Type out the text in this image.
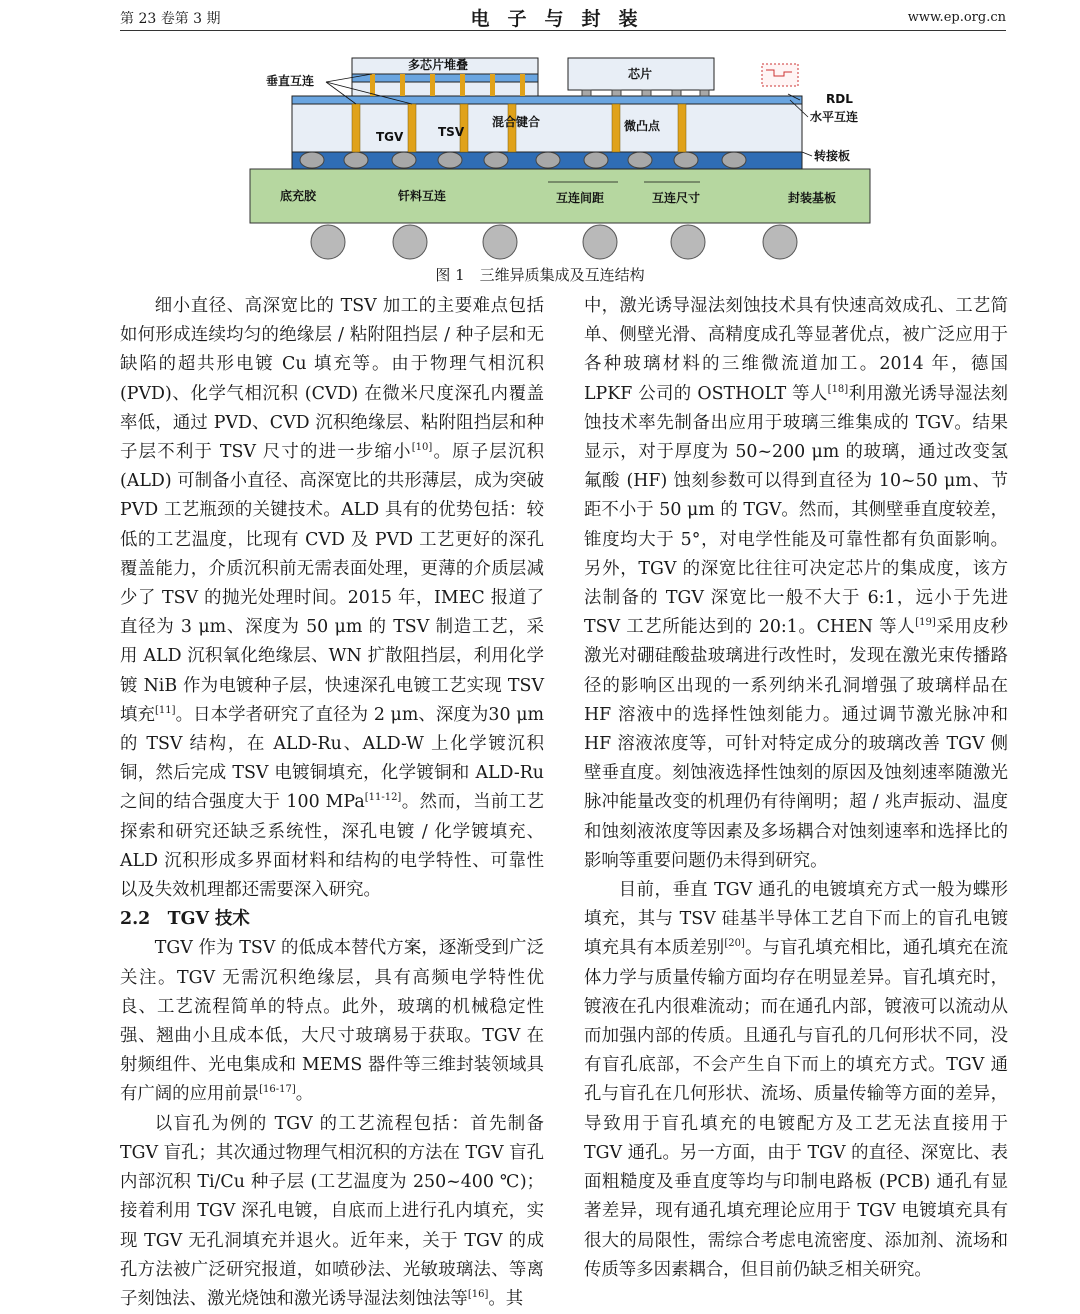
第 23 卷第 3 期	电子与封装	www.ep.org.cn
垂直互连
多芯片堆叠
芯片
RDL
水平互连
TGV	TSV
混合键合	微凸点
转接板
底充胶	钎料互连	互连间距	互连尺寸	封装基板
图 1　三维异质集成及互连结构

细小直径、高深宽比的 TSV 加工的主要难点包括如何形成连续均匀的绝缘层 / 粘附阻挡层 / 种子层和无缺陷的超共形电镀 Cu 填充等。由于物理气相沉积 (PVD)、化学气相沉积 (CVD) 在微米尺度深孔内覆盖率低，通过 PVD、CVD 沉积绝缘层、粘附阻挡层和种子层不利于 TSV 尺寸的进一步缩小[10]。原子层沉积 (ALD) 可制备小直径、高深宽比的共形薄层，成为突破 PVD 工艺瓶颈的关键技术。ALD 具有的优势包括：较低的工艺温度，比现有 CVD 及 PVD 工艺更好的深孔覆盖能力，介质沉积前无需表面处理，更薄的介质层减少了 TSV 的抛光处理时间。2015 年，IMEC 报道了直径为 3 μm、深度为 50 μm 的 TSV 制造工艺，采用 ALD 沉积氧化绝缘层、WN 扩散阻挡层，利用化学镀 NiB 作为电镀种子层，快速深孔电镀工艺实现 TSV 填充[11]。日本学者研究了直径为 2 μm、深度为30 μm 的 TSV 结构，在 ALD-Ru、ALD-W 上化学镀沉积铜，然后完成 TSV 电镀铜填充，化学镀铜和 ALD-Ru 之间的结合强度大于 100 MPa[11-12]。然而，当前工艺探索和研究还缺乏系统性，深孔电镀 / 化学镀填充、ALD 沉积形成多界面材料和结构的电学特性、可靠性以及失效机理都还需要深入研究。

2.2　TGV 技术

TGV 作为 TSV 的低成本替代方案，逐渐受到广泛关注。TGV 无需沉积绝缘层，具有高频电学特性优良、工艺流程简单的特点。此外，玻璃的机械稳定性强、翘曲小且成本低，大尺寸玻璃易于获取。TGV 在射频组件、光电集成和 MEMS 器件等三维封装领域具有广阔的应用前景[16-17]。

以盲孔为例的 TGV 的工艺流程包括：首先制备 TGV 盲孔；其次通过物理气相沉积的方法在 TGV 盲孔内部沉积 Ti/Cu 种子层 (工艺温度为 250~400 ℃)；接着利用 TGV 深孔电镀，自底而上进行孔内填充，实现 TGV 无孔洞填充并退火。近年来，关于 TGV 的成孔方法被广泛研究报道，如喷砂法、光敏玻璃法、等离子刻蚀法、激光烧蚀和激光诱导湿法刻蚀法等[16]。其

中，激光诱导湿法刻蚀技术具有快速高效成孔、工艺简单、侧壁光滑、高精度成孔等显著优点，被广泛应用于各种玻璃材料的三维微流道加工。2014 年，德国 LPKF 公司的 OSTHOLT 等人[18]利用激光诱导湿法刻蚀技术率先制备出应用于玻璃三维集成的 TGV。结果显示，对于厚度为 50~200 μm 的玻璃，通过改变氢氟酸 (HF) 蚀刻参数可以得到直径为 10~50 μm、节距不小于 50 μm 的 TGV。然而，其侧壁垂直度较差，锥度均大于 5°，对电学性能及可靠性都有负面影响。另外，TGV 的深宽比往往可决定芯片的集成度，该方法制备的 TGV 深宽比一般不大于 6:1，远小于先进 TSV 工艺所能达到的 20:1。CHEN 等人[19]采用皮秒激光对硼硅酸盐玻璃进行改性时，发现在激光束传播路径的影响区出现的一系列纳米孔洞增强了玻璃样品在 HF 溶液中的选择性蚀刻能力。通过调节激光脉冲和 HF 溶液浓度等，可针对特定成分的玻璃改善 TGV 侧壁垂直度。刻蚀液选择性蚀刻的原因及蚀刻速率随激光脉冲能量改变的机理仍有待阐明；超 / 兆声振动、温度和蚀刻液浓度等因素及多场耦合对蚀刻速率和选择比的影响等重要问题仍未得到研究。

目前，垂直 TGV 通孔的电镀填充方式一般为蝶形填充，其与 TSV 硅基半导体工艺自下而上的盲孔电镀填充具有本质差别[20]。与盲孔填充相比，通孔填充在流体力学与质量传输方面均存在明显差异。盲孔填充时，镀液在孔内很难流动；而在通孔内部，镀液可以流动从而加强内部的传质。且通孔与盲孔的几何形状不同，没有盲孔底部，不会产生自下而上的填充方式。TGV 通孔与盲孔在几何形状、流场、质量传输等方面的差异，导致用于盲孔填充的电镀配方及工艺无法直接用于 TGV 通孔。另一方面，由于 TGV 的直径、深宽比、表面粗糙度及垂直度等均与印制电路板 (PCB) 通孔有显著差异，现有通孔填充理论应用于 TGV 电镀填充具有很大的局限性，需综合考虑电流密度、添加剂、流场和传质等多因素耦合，但目前仍缺乏相关研究。
